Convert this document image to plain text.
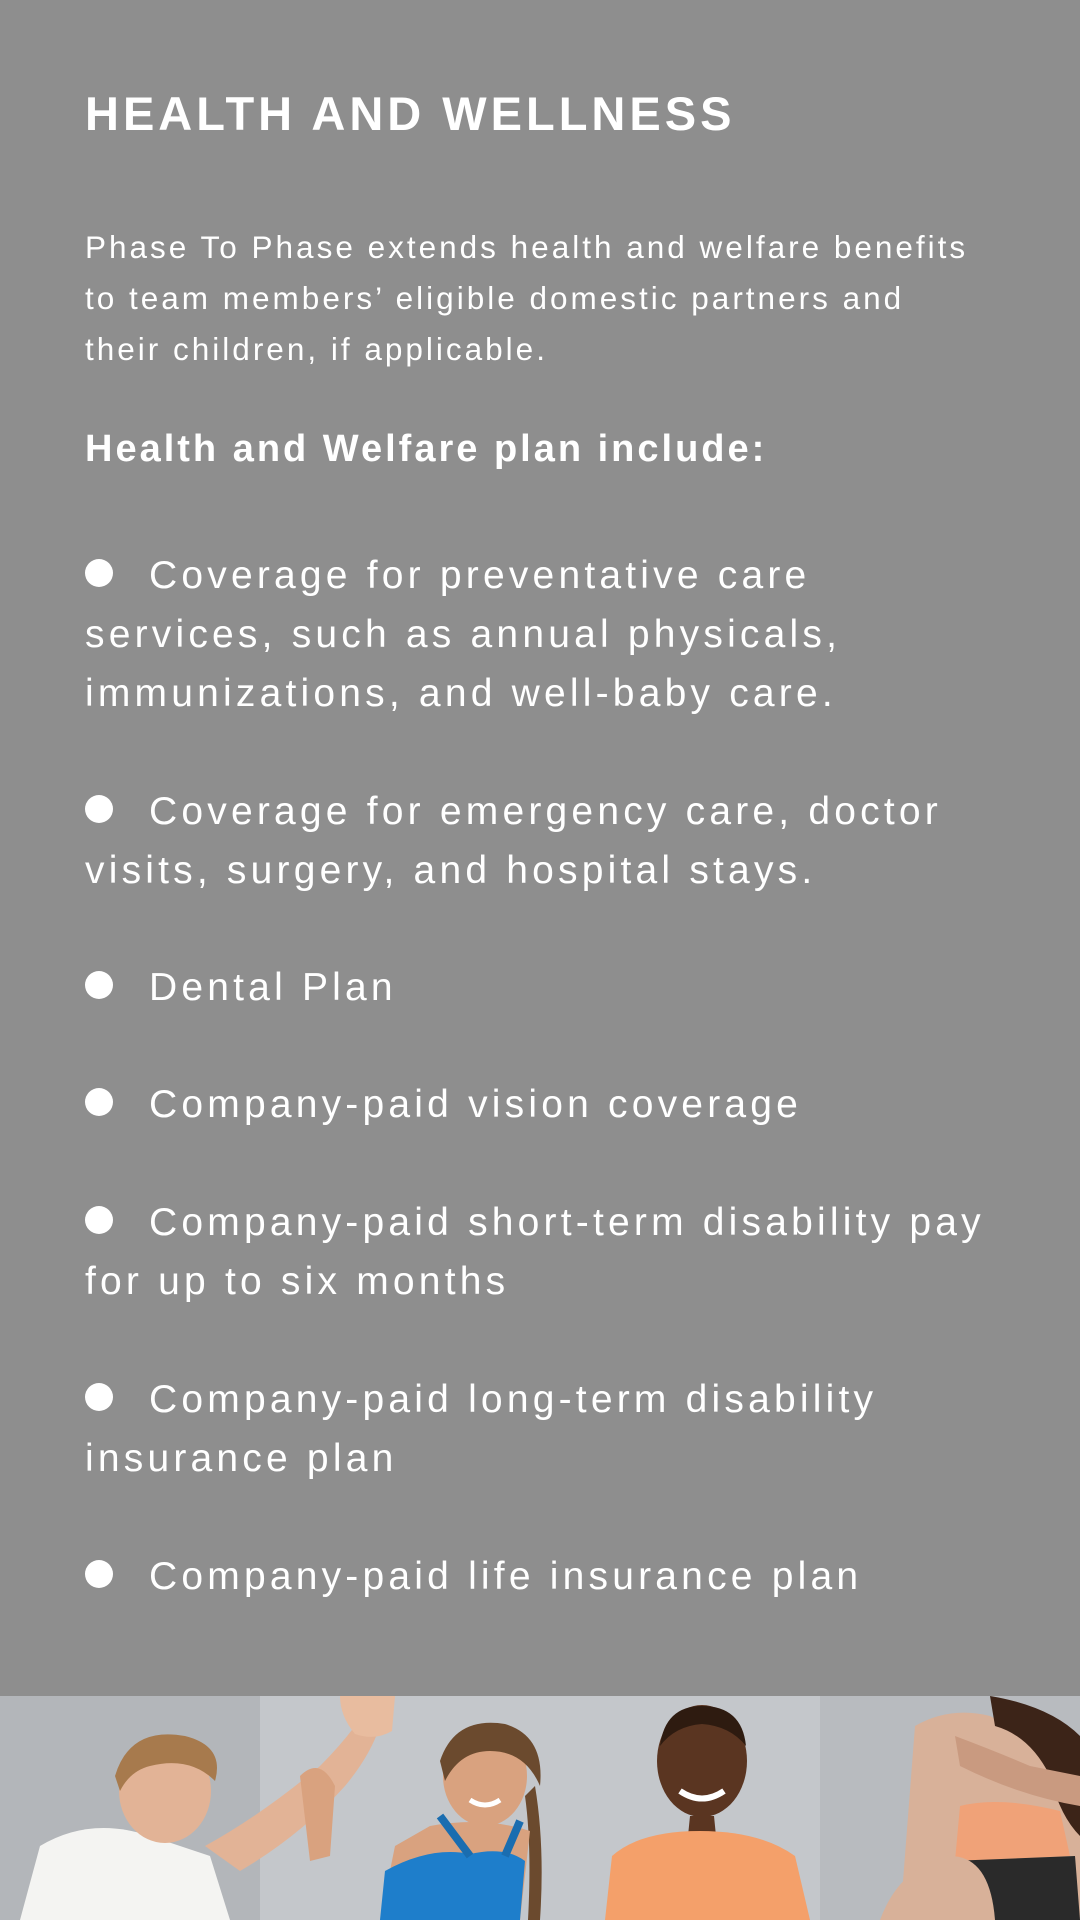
HEALTH AND WELLNESS

Phase To Phase extends health and welfare benefits to team members’ eligible domestic partners and their children, if applicable.

Health and Welfare plan include:
Coverage for preventative care services, such as annual physicals, immunizations, and well-baby care.
Coverage for emergency care, doctor visits, surgery, and hospital stays.
Dental Plan
Company-paid vision coverage
Company-paid short-term disability pay for up to six months
Company-paid long-term disability insurance plan
Company-paid life insurance plan
